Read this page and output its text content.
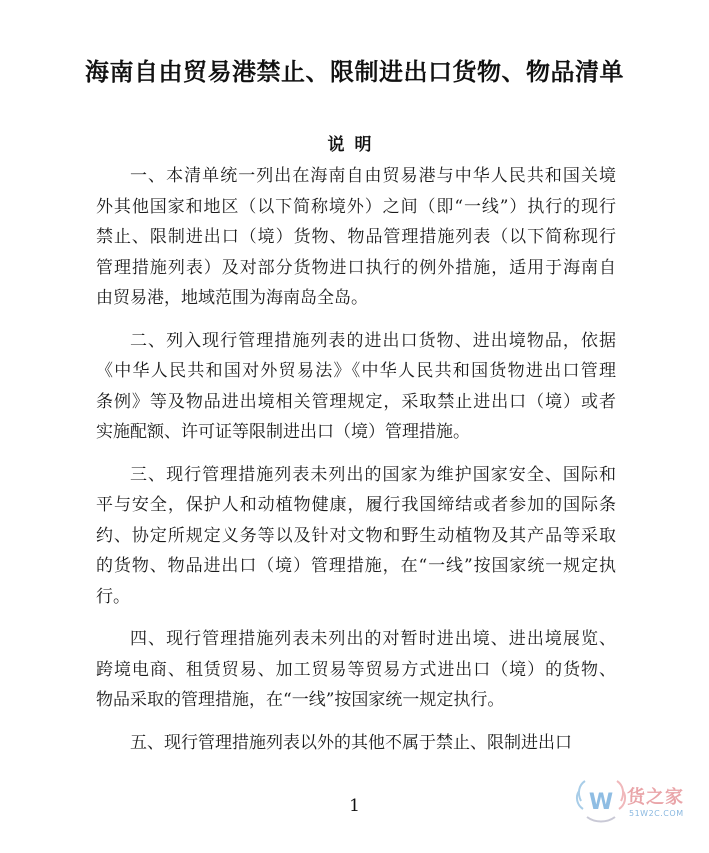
海南自由贸易港禁止、限制进出口货物、物品清单
说明
一、本清单统一列出在海南自由贸易港与中华人民共和国关境
外其他国家和地区（以下简称境外）之间（即“一线”）执行的现行
禁止、限制进出口（境）货物、物品管理措施列表（以下简称现行
管理措施列表）及对部分货物进口执行的例外措施，适用于海南自
由贸易港，地域范围为海南岛全岛。
二、列入现行管理措施列表的进出口货物、进出境物品，依据
《中华人民共和国对外贸易法》《中华人民共和国货物进出口管理
条例》等及物品进出境相关管理规定，采取禁止进出口（境）或者
实施配额、许可证等限制进出口（境）管理措施。
三、现行管理措施列表未列出的国家为维护国家安全、国际和
平与安全，保护人和动植物健康，履行我国缔结或者参加的国际条
约、协定所规定义务等以及针对文物和野生动植物及其产品等采取
的货物、物品进出口（境）管理措施，在“一线”按国家统一规定执
行。
四、现行管理措施列表未列出的对暂时进出境、进出境展览、
跨境电商、租赁贸易、加工贸易等贸易方式进出口（境）的货物、
物品采取的管理措施，在“一线”按国家统一规定执行。
五、现行管理措施列表以外的其他不属于禁止、限制进出口
1	W 货之家
51W2C.COM
